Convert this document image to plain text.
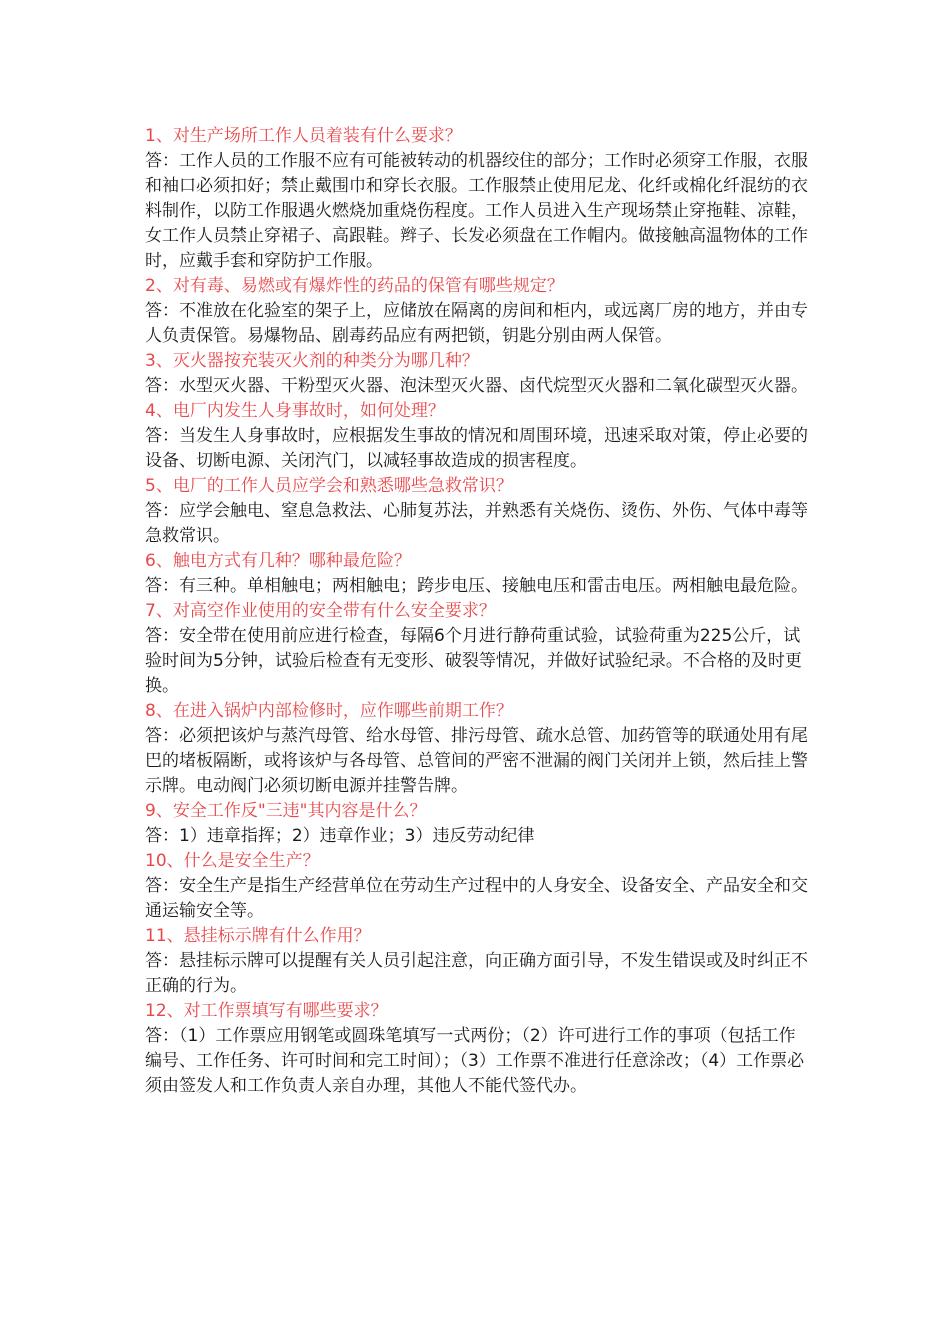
1、对生产场所工作人员着装有什么要求？

答：工作人员的工作服不应有可能被转动的机器绞住的部分；工作时必须穿工作服，衣服和袖口必须扣好；禁止戴围巾和穿长衣服。工作服禁止使用尼龙、化纤或棉化纤混纺的衣料制作，以防工作服遇火燃烧加重烧伤程度。工作人员进入生产现场禁止穿拖鞋、凉鞋，女工作人员禁止穿裙子、高跟鞋。辫子、长发必须盘在工作帽内。做接触高温物体的工作时，应戴手套和穿防护工作服。

2、对有毒、易燃或有爆炸性的药品的保管有哪些规定？

答：不准放在化验室的架子上，应储放在隔离的房间和柜内，或远离厂房的地方，并由专人负责保管。易爆物品、剧毒药品应有两把锁，钥匙分别由两人保管。

3、灭火器按充装灭火剂的种类分为哪几种？

答：水型灭火器、干粉型灭火器、泡沫型灭火器、卤代烷型灭火器和二氧化碳型灭火器。

4、电厂内发生人身事故时，如何处理？

答：当发生人身事故时，应根据发生事故的情况和周围环境，迅速采取对策，停止必要的设备、切断电源、关闭汽门，以减轻事故造成的损害程度。

5、电厂的工作人员应学会和熟悉哪些急救常识？

答：应学会触电、窒息急救法、心肺复苏法，并熟悉有关烧伤、烫伤、外伤、气体中毒等急救常识。

6、触电方式有几种？哪种最危险？

答：有三种。单相触电；两相触电；跨步电压、接触电压和雷击电压。两相触电最危险。

7、对高空作业使用的安全带有什么安全要求？

答：安全带在使用前应进行检查，每隔6个月进行静荷重试验，试验荷重为225公斤，试验时间为5分钟，试验后检查有无变形、破裂等情况，并做好试验纪录。不合格的及时更换。

8、在进入锅炉内部检修时，应作哪些前期工作？

答：必须把该炉与蒸汽母管、给水母管、排污母管、疏水总管、加药管等的联通处用有尾巴的堵板隔断，或将该炉与各母管、总管间的严密不泄漏的阀门关闭并上锁，然后挂上警示牌。电动阀门必须切断电源并挂警告牌。

9、安全工作反"三违"其内容是什么？

答：1）违章指挥；2）违章作业；3）违反劳动纪律

10、什么是安全生产？

答：安全生产是指生产经营单位在劳动生产过程中的人身安全、设备安全、产品安全和交通运输安全等。

11、悬挂标示牌有什么作用？

答：悬挂标示牌可以提醒有关人员引起注意，向正确方面引导，不发生错误或及时纠正不正确的行为。

12、对工作票填写有哪些要求？

答：（1）工作票应用钢笔或圆珠笔填写一式两份；（2）许可进行工作的事项（包括工作编号、工作任务、许可时间和完工时间）；（3）工作票不准进行任意涂改；（4）工作票必须由签发人和工作负责人亲自办理，其他人不能代签代办。
